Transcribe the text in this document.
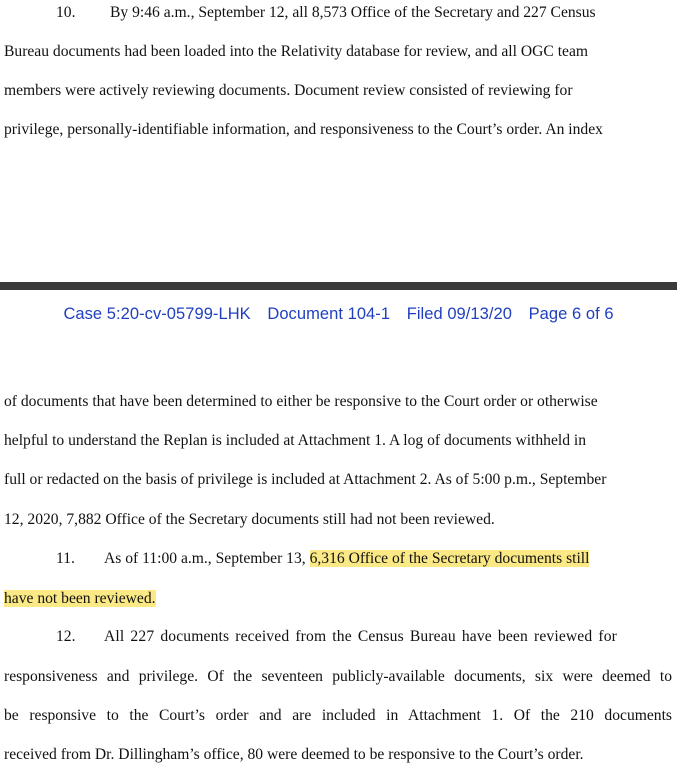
10. By 9:46 a.m., September 12, all 8,573 Office of the Secretary and 227 Census
Bureau documents had been loaded into the Relativity database for review, and all OGC team
members were actively reviewing documents. Document review consisted of reviewing for
privilege, personally-identifiable information, and responsiveness to the Court’s order. An index
Case 5:20-cv-05799-LHK Document 104-1 Filed 09/13/20 Page 6 of 6
of documents that have been determined to either be responsive to the Court order or otherwise
helpful to understand the Replan is included at Attachment 1. A log of documents withheld in
full or redacted on the basis of privilege is included at Attachment 2. As of 5:00 p.m., September
12, 2020, 7,882 Office of the Secretary documents still had not been reviewed.
11. As of 11:00 a.m., September 13, 6,316 Office of the Secretary documents still
have not been reviewed.
12. All 227 documents received from the Census Bureau have been reviewed for
responsiveness and privilege. Of the seventeen publicly-available documents, six were deemed to
be responsive to the Court’s order and are included in Attachment 1. Of the 210 documents
received from Dr. Dillingham’s office, 80 were deemed to be responsive to the Court’s order.
